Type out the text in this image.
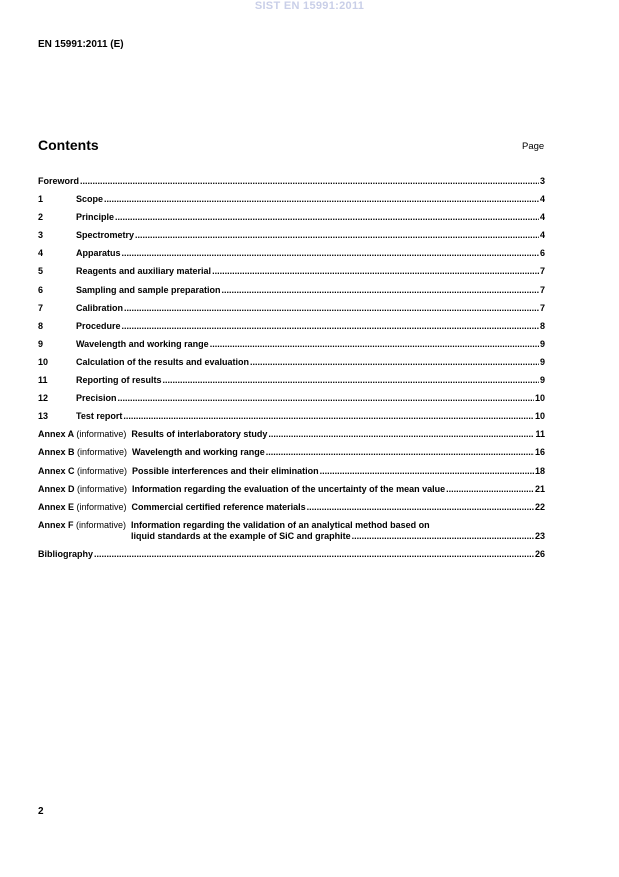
SIST EN 15991:2011
EN 15991:2011 (E)
Contents	Page
Foreword .....	3
1	Scope .....	4
2	Principle .....	4
3	Spectrometry .....	4
4	Apparatus .....	6
5	Reagents and auxiliary material .....	7
6	Sampling and sample preparation .....	7
7	Calibration .....	7
8	Procedure .....	8
9	Wavelength and working range .....	9
10	Calculation of the results and evaluation .....	9
11	Reporting of results .....	9
12	Precision .....	10
13	Test report .....	10
Annex A (informative) Results of interlaboratory study .....	11
Annex B (informative) Wavelength and working range .....	16
Annex C (informative) Possible interferences and their elimination .....	18
Annex D (informative) Information regarding the evaluation of the uncertainty of the mean value .....	21
Annex E (informative) Commercial certified reference materials .....	22
Annex F (informative) Information regarding the validation of an analytical method based on
liquid standards at the example of SiC and graphite .....	23
Bibliography .....	26
2
